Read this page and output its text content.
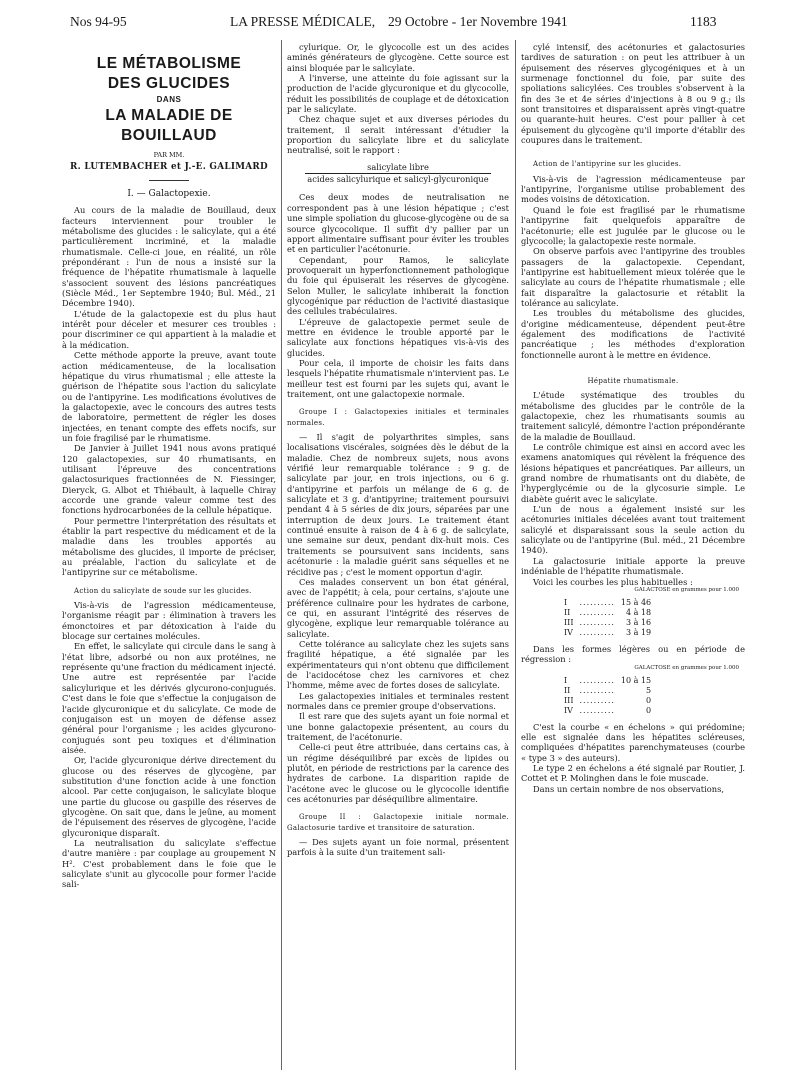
Nos 94-95	LA PRESSE MÉDICALE, 29 Octobre - 1er Novembre 1941	1183
LE MÉTABOLISME
DES GLUCIDES
DANS
LA MALADIE DE BOUILLAUD
PAR MM.
R. LUTEMBACHER et J.-E. GALIMARD
I. — Galactopexie.

Au cours de la maladie de Bouillaud, deux facteurs interviennent pour troubler le métabolisme des glucides : le salicylate, qui a été particulièrement incriminé, et la maladie rhumatismale. Celle-ci joue, en réalité, un rôle prépondérant : l'un de nous a insisté sur la fréquence de l'hépatite rhumatismale à laquelle s'associent souvent des lésions pancréatiques (Siècle Méd., 1er Septembre 1940; Bul. Méd., 21 Décembre 1940).

L'étude de la galactopexie est du plus haut intérêt pour déceler et mesurer ces troubles : pour discriminer ce qui appartient à la maladie et à la médication.

Cette méthode apporte la preuve, avant toute action médicamenteuse, de la localisation hépatique du virus rhumatismal ; elle atteste la guérison de l'hépatite sous l'action du salicylate ou de l'antipyrine. Les modifications évolutives de la galactopexie, avec le concours des autres tests de laboratoire, permettent de régler les doses injectées, en tenant compte des effets nocifs, sur un foie fragilisé par le rhumatisme.

De Janvier à Juillet 1941 nous avons pratiqué 120 galactopexies, sur 40 rhumatisants, en utilisant l'épreuve des concentrations galactosuriques fractionnées de N. Fiessinger, Dieryck, G. Albot et Thiébault, à laquelle Chiray accorde une grande valeur comme test des fonctions hydrocarbonées de la cellule hépatique.

Pour permettre l'interprétation des résultats et établir la part respective du médicament et de la maladie dans les troubles apportés au métabolisme des glucides, il importe de préciser, au préalable, l'action du salicylate et de l'antipyrine sur ce métabolisme.

Action du salicylate de soude sur les glucides.

Vis-à-vis de l'agression médicamenteuse, l'organisme réagit par : élimination à travers les émonctoires et par détoxication à l'aide du blocage sur certaines molécules.

En effet, le salicylate qui circule dans le sang à l'état libre, adsorbé ou non aux protéines, ne représente qu'une fraction du médicament injecté. Une autre est représentée par l'acide salicylurique et les dérivés glycurono-conjugués. C'est dans le foie que s'effectue la conjugaison de l'acide glycuronique et du salicylate. Ce mode de conjugaison est un moyen de défense assez général pour l'organisme ; les acides glycurono-conjugués sont peu toxiques et d'élimination aisée.

Or, l'acide glycuronique dérive directement du glucose ou des réserves de glycogène, par substitution d'une fonction acide à une fonction alcool. Par cette conjugaison, le salicylate bloque une partie du glucose ou gaspille des réserves de glycogène. On sait que, dans le jeûne, au moment de l'épuisement des réserves de glycogène, l'acide glycuronique disparaît.

La neutralisation du salicylate s'effectue d'autre manière : par couplage au groupement N H². C'est probablement dans le foie que le salicylate s'unit au glycocolle pour former l'acide sali-

cylurique. Or, le glycocolle est un des acides aminés générateurs de glycogène. Cette source est ainsi bloquée par le salicylate.

A l'inverse, une atteinte du foie agissant sur la production de l'acide glycuronique et du glycocolle, réduit les possibilités de couplage et de détoxication par le salicylate.

Chez chaque sujet et aux diverses périodes du traitement, il serait intéressant d'étudier la proportion du salicylate libre et du salicylate neutralisé, soit le rapport :

salicylate libre
acides salicylurique et salicyl-glycuronique

Ces deux modes de neutralisation ne correspondent pas à une lésion hépatique ; c'est une simple spoliation du glucose-glycogène ou de sa source glycocolique. Il suffit d'y pallier par un apport alimentaire suffisant pour éviter les troubles et en particulier l'acétonurie.

Cependant, pour Ramos, le salicylate provoquerait un hyperfonctionnement pathologique du foie qui épuiserait les réserves de glycogène. Selon Muller, le salicylate inhiberait la fonction glycogénique par réduction de l'activité diastasique des cellules trabéculaires.

L'épreuve de galactopexie permet seule de mettre en évidence le trouble apporté par le salicylate aux fonctions hépatiques vis-à-vis des glucides.

Pour cela, il importe de choisir les faits dans lesquels l'hépatite rhumatismale n'intervient pas. Le meilleur test est fourni par les sujets qui, avant le traitement, ont une galactopexie normale.

Groupe I : Galactopexies initiales et terminales normales.

— Il s'agit de polyarthrites simples, sans localisations viscérales, soignées dès le début de la maladie. Chez de nombreux sujets, nous avons vérifié leur remarquable tolérance : 9 g. de salicylate par jour, en trois injections, ou 6 g. d'antipyrine et parfois un mélange de 6 g. de salicylate et 3 g. d'antipyrine; traitement poursuivi pendant 4 à 5 séries de dix jours, séparées par une interruption de deux jours. Le traitement étant continué ensuite à raison de 4 à 6 g. de salicylate, une semaine sur deux, pendant dix-huit mois. Ces traitements se poursuivent sans incidents, sans acétonurie : la maladie guérit sans séquelles et ne récidive pas ; c'est le moment opportun d'agir.

Ces malades conservent un bon état général, avec de l'appétit; à cela, pour certains, s'ajoute une préférence culinaire pour les hydrates de carbone, ce qui, en assurant l'intégrité des réserves de glycogène, explique leur remarquable tolérance au salicylate.

Cette tolérance au salicylate chez les sujets sans fragilité hépatique, a été signalée par les expérimentateurs qui n'ont obtenu que difficilement de l'acidocétose chez les carnivores et chez l'homme, même avec de fortes doses de salicylate.

Les galactopexies initiales et terminales restent normales dans ce premier groupe d'observations.

Il est rare que des sujets ayant un foie normal et une bonne galactopexie présentent, au cours du traitement, de l'acétonurie.

Celle-ci peut être attribuée, dans certains cas, à un régime déséquilibré par excès de lipides ou plutôt, en période de restrictions par la carence des hydrates de carbone. La disparition rapide de l'acétone avec le glucose ou le glycocolle identifie ces acétonuries par déséquilibre alimentaire.

Groupe II : Galactopexie initiale normale. Galactosurie tardive et transitoire de saturation.

— Des sujets ayant un foie normal, présentent parfois à la suite d'un traitement sali-

cylé intensif, des acétonuries et galactosuries tardives de saturation : on peut les attribuer à un épuisement des réserves glycogéniques et à un surmenage fonctionnel du foie, par suite des spoliations salicylées. Ces troubles s'observent à la fin des 3e et 4e séries d'injections à 8 ou 9 g.; ils sont transitoires et disparaissent après vingt-quatre ou quarante-huit heures. C'est pour pallier à cet épuisement du glycogène qu'il importe d'établir des coupures dans le traitement.

Action de l'antipyrine sur les glucides.

Vis-à-vis de l'agression médicamenteuse par l'antipyrine, l'organisme utilise probablement des modes voisins de détoxication.

Quand le foie est fragilisé par le rhumatisme l'antipyrine fait quelquefois apparaître de l'acétonurie; elle est jugulée par le glucose ou le glycocolle; la galactopexie reste normale.

On observe parfois avec l'antipyrine des troubles passagers de la galactopexie. Cependant, l'antipyrine est habituellement mieux tolérée que le salicylate au cours de l'hépatite rhumatismale ; elle fait disparaître la galactosurie et rétablit la tolérance au salicylate.

Les troubles du métabolisme des glucides, d'origine médicamenteuse, dépendent peut-être également des modifications de l'activité pancréatique ; les méthodes d'exploration fonctionnelle auront à le mettre en évidence.

Hépatite rhumatismale.

L'étude systématique des troubles du métabolisme des glucides par le contrôle de la galactopexie, chez les rhumatisants soumis au traitement salicylé, démontre l'action prépondérante de la maladie de Bouillaud.

Le contrôle chimique est ainsi en accord avec les examens anatomiques qui révèlent la fréquence des lésions hépatiques et pancréatiques. Par ailleurs, un grand nombre de rhumatisants ont du diabète, de l'hyperglycémie ou de la glycosurie simple. Le diabète guérit avec le salicylate.

L'un de nous a également insisté sur les acétonuries initiales décelées avant tout traitement salicylé et disparaissant sous la seule action du salicylate ou de l'antipyrine (Bul. méd., 21 Décembre 1940).

La galactosurie initiale apporte la preuve indéniable de l'hépatite rhumatismale.

Voici les courbes les plus habituelles :

GALACTOSE en grammes pour 1.000
I	..........	15 à 46
II	..........	4 à 18
III	..........	3 à 16
IV	..........	3 à 19

Dans les formes légères ou en période de régression :

GALACTOSE en grammes pour 1.000
I	..........	10 à 15
II	..........	5
III	..........	0
IV	..........	0

C'est la courbe « en échelons » qui prédomine; elle est signalée dans les hépatites scléreuses, compliquées d'hépatites parenchymateuses (courbe « type 3 » des auteurs).

Le type 2 en échelons a été signalé par Routier, J. Cottet et P. Molinghen dans le foie muscade.

Dans un certain nombre de nos observations,
